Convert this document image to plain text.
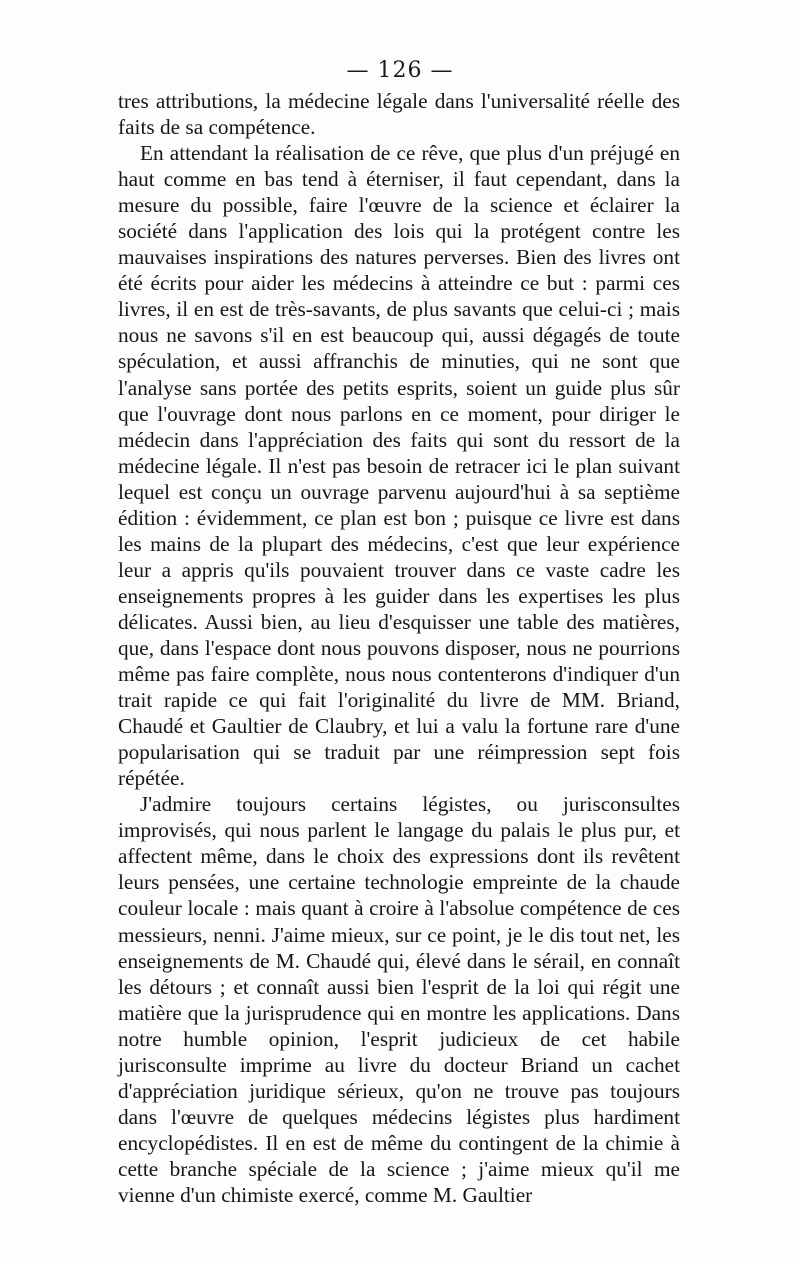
— 126 —

tres attributions, la médecine légale dans l'universalité réelle des faits de sa compétence.

En attendant la réalisation de ce rêve, que plus d'un préjugé en haut comme en bas tend à éterniser, il faut cependant, dans la mesure du possible, faire l'œuvre de la science et éclairer la société dans l'application des lois qui la protégent contre les mauvaises inspirations des natures perverses. Bien des livres ont été écrits pour aider les médecins à atteindre ce but : parmi ces livres, il en est de très-savants, de plus savants que celui-ci ; mais nous ne savons s'il en est beaucoup qui, aussi dégagés de toute spéculation, et aussi affranchis de minuties, qui ne sont que l'analyse sans portée des petits esprits, soient un guide plus sûr que l'ouvrage dont nous parlons en ce moment, pour diriger le médecin dans l'appréciation des faits qui sont du ressort de la médecine légale. Il n'est pas besoin de retracer ici le plan suivant lequel est conçu un ouvrage parvenu aujourd'hui à sa septième édition : évidemment, ce plan est bon ; puisque ce livre est dans les mains de la plupart des médecins, c'est que leur expérience leur a appris qu'ils pouvaient trouver dans ce vaste cadre les enseignements propres à les guider dans les expertises les plus délicates. Aussi bien, au lieu d'esquisser une table des matières, que, dans l'espace dont nous pouvons disposer, nous ne pourrions même pas faire complète, nous nous contenterons d'indiquer d'un trait rapide ce qui fait l'originalité du livre de MM. Briand, Chaudé et Gaultier de Claubry, et lui a valu la fortune rare d'une popularisation qui se traduit par une réimpression sept fois répétée.

J'admire toujours certains légistes, ou jurisconsultes improvisés, qui nous parlent le langage du palais le plus pur, et affectent même, dans le choix des expressions dont ils revêtent leurs pensées, une certaine technologie empreinte de la chaude couleur locale : mais quant à croire à l'absolue compétence de ces messieurs, nenni. J'aime mieux, sur ce point, je le dis tout net, les enseignements de M. Chaudé qui, élevé dans le sérail, en connaît les détours ; et connaît aussi bien l'esprit de la loi qui régit une matière que la jurisprudence qui en montre les applications. Dans notre humble opinion, l'esprit judicieux de cet habile jurisconsulte imprime au livre du docteur Briand un cachet d'appréciation juridique sérieux, qu'on ne trouve pas toujours dans l'œuvre de quelques médecins légistes plus hardiment encyclopédistes. Il en est de même du contingent de la chimie à cette branche spéciale de la science ; j'aime mieux qu'il me vienne d'un chimiste exercé, comme M. Gaultier
